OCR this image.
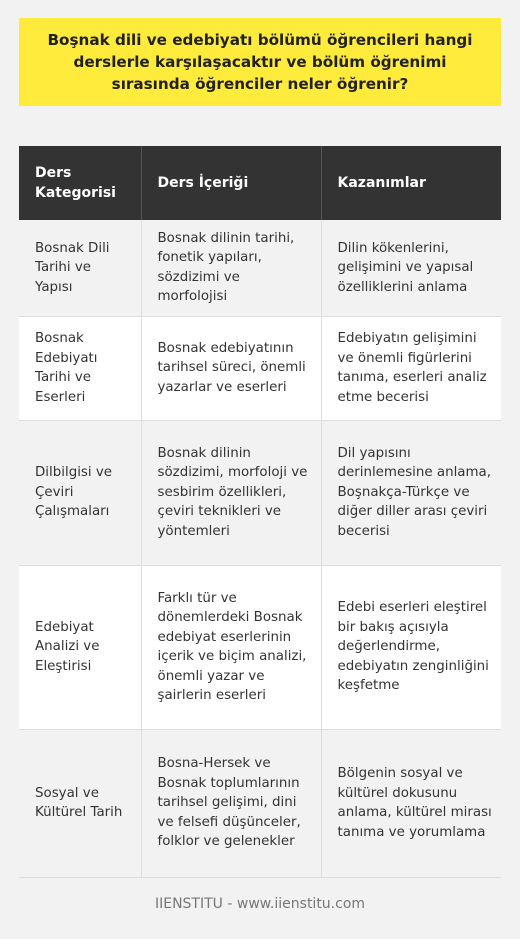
Boşnak dili ve edebiyatı bölümü öğrencileri hangi derslerle karşılaşacaktır ve bölüm öğrenimi sırasında öğrenciler neler öğrenir?
Ders Kategorisi	Ders İçeriği	Kazanımlar
Bosnak Dili Tarihi ve Yapısı	Bosnak dilinin tarihi, fonetik yapıları, sözdizimi ve morfolojisi	Dilin kökenlerini, gelişimini ve yapısal özelliklerini anlama
Bosnak Edebiyatı Tarihi ve Eserleri	Bosnak edebiyatının tarihsel süreci, önemli yazarlar ve eserleri	Edebiyatın gelişimini ve önemli figürlerini tanıma, eserleri analiz etme becerisi
Dilbilgisi ve Çeviri Çalışmaları	Bosnak dilinin sözdizimi, morfoloji ve sesbirim özellikleri, çeviri teknikleri ve yöntemleri	Dil yapısını derinlemesine anlama, Boşnakça-Türkçe ve diğer diller arası çeviri becerisi
Edebiyat Analizi ve Eleştirisi	Farklı tür ve dönemlerdeki Bosnak edebiyat eserlerinin içerik ve biçim analizi, önemli yazar ve şairlerin eserleri	Edebi eserleri eleştirel bir bakış açısıyla değerlendirme, edebiyatın zenginliğini keşfetme
Sosyal ve Kültürel Tarih	Bosna-Hersek ve Bosnak toplumlarının tarihsel gelişimi, dini ve felsefi düşünceler, folklor ve gelenekler	Bölgenin sosyal ve kültürel dokusunu anlama, kültürel mirası tanıma ve yorumlama
IIENSTITU - www.iienstitu.com
